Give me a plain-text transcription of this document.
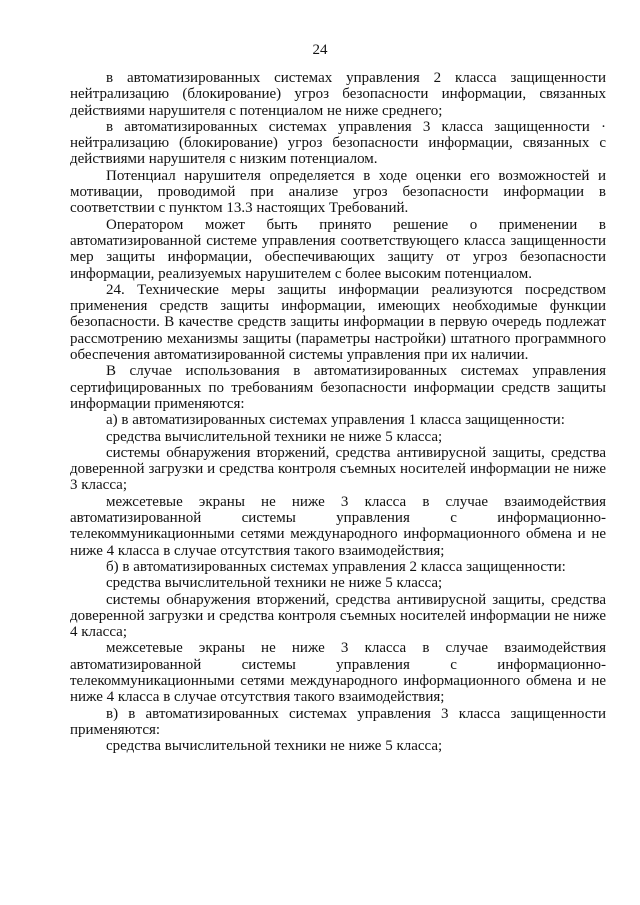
24

в автоматизированных системах управления 2 класса защищенности нейтрализацию (блокирование) угроз безопасности информации, связанных действиями нарушителя с потенциалом не ниже среднего;

в автоматизированных системах управления 3 класса защищенности · нейтрализацию (блокирование) угроз безопасности информации, связанных с действиями нарушителя с низким потенциалом.

Потенциал нарушителя определяется в ходе оценки его возможностей и мотивации, проводимой при анализе угроз безопасности информации в соответствии с пунктом 13.3 настоящих Требований.

Оператором может быть принято решение о применении в автоматизированной системе управления соответствующего класса защищенности мер защиты информации, обеспечивающих защиту от угроз безопасности информации, реализуемых нарушителем с более высоким потенциалом.

24. Технические меры защиты информации реализуются посредством применения средств защиты информации, имеющих необходимые функции безопасности. В качестве средств защиты информации в первую очередь подлежат рассмотрению механизмы защиты (параметры настройки) штатного программного обеспечения автоматизированной системы управления при их наличии.

В случае использования в автоматизированных системах управления сертифицированных по требованиям безопасности информации средств защиты информации применяются:

а) в автоматизированных системах управления 1 класса защищенности:

средства вычислительной техники не ниже 5 класса;

системы обнаружения вторжений, средства антивирусной защиты, средства доверенной загрузки и средства контроля съемных носителей информации не ниже 3 класса;

межсетевые экраны не ниже 3 класса в случае взаимодействия автоматизированной системы управления с информационно-телекоммуникационными сетями международного информационного обмена и не ниже 4 класса в случае отсутствия такого взаимодействия;

б) в автоматизированных системах управления 2 класса защищенности:

средства вычислительной техники не ниже 5 класса;

системы обнаружения вторжений, средства антивирусной защиты, средства доверенной загрузки и средства контроля съемных носителей информации не ниже 4 класса;

межсетевые экраны не ниже 3 класса в случае взаимодействия автоматизированной системы управления с информационно-телекоммуникационными сетями международного информационного обмена и не ниже 4 класса в случае отсутствия такого взаимодействия;

в) в автоматизированных системах управления 3 класса защищенности применяются:

средства вычислительной техники не ниже 5 класса;
